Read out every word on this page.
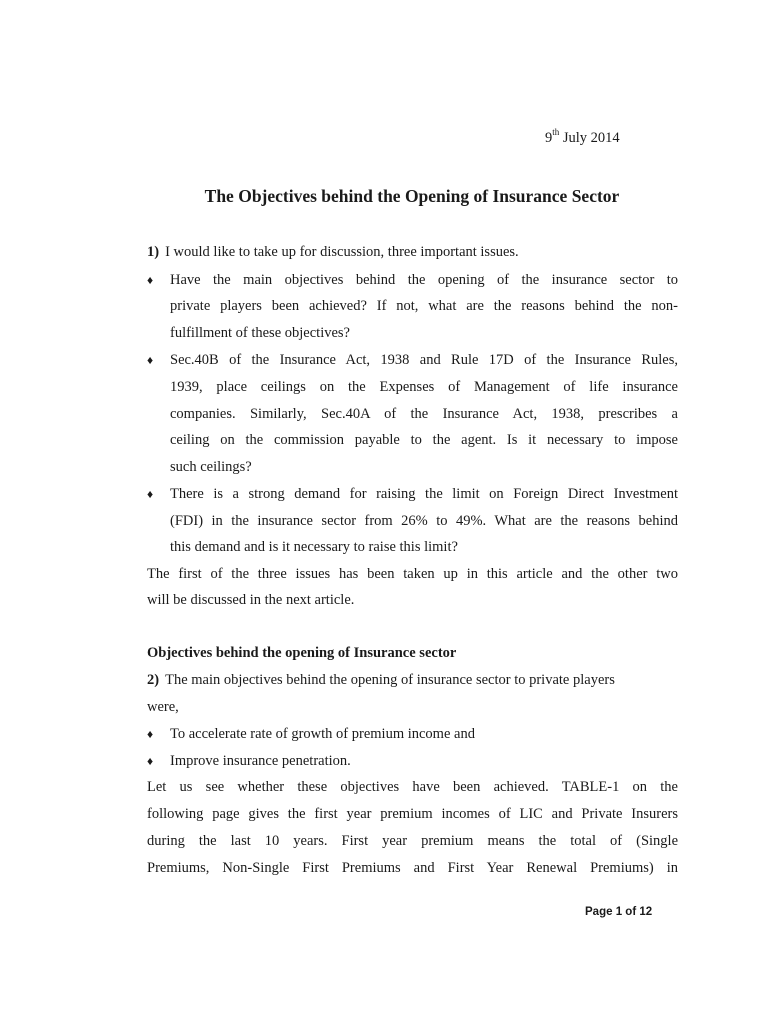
9th July 2014
The Objectives behind the Opening of Insurance Sector
1) I would like to take up for discussion, three important issues.
♦ Have the main objectives behind the opening of the insurance sector to
private players been achieved? If not, what are the reasons behind the non-
fulfillment of these objectives?
♦ Sec.40B of the Insurance Act, 1938 and Rule 17D of the Insurance Rules,
1939, place ceilings on the Expenses of Management of life insurance
companies. Similarly, Sec.40A of the Insurance Act, 1938, prescribes a
ceiling on the commission payable to the agent. Is it necessary to impose
such ceilings?
♦ There is a strong demand for raising the limit on Foreign Direct Investment
(FDI) in the insurance sector from 26% to 49%. What are the reasons behind
this demand and is it necessary to raise this limit?
The first of the three issues has been taken up in this article and the other two
will be discussed in the next article.
Objectives behind the opening of Insurance sector
2) The main objectives behind the opening of insurance sector to private players
were,
♦ To accelerate rate of growth of premium income and
♦ Improve insurance penetration.
Let us see whether these objectives have been achieved. TABLE-1 on the
following page gives the first year premium incomes of LIC and Private Insurers
during the last 10 years. First year premium means the total of (Single
Premiums, Non-Single First Premiums and First Year Renewal Premiums) in
Page 1 of 12
